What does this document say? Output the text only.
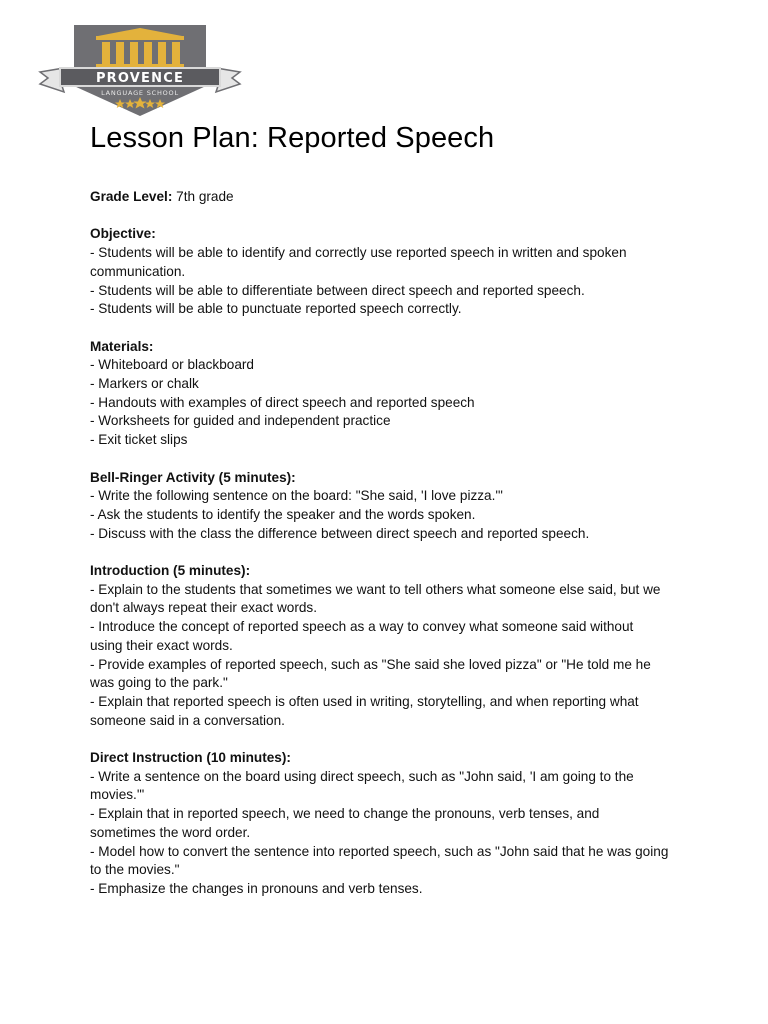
PROVENCE
LANGUAGE SCHOOL
Lesson Plan: Reported Speech
Grade Level: 7th grade
Objective:
- Students will be able to identify and correctly use reported speech in written and spoken
communication.
- Students will be able to differentiate between direct speech and reported speech.
- Students will be able to punctuate reported speech correctly.
Materials:
- Whiteboard or blackboard
- Markers or chalk
- Handouts with examples of direct speech and reported speech
- Worksheets for guided and independent practice
- Exit ticket slips
Bell-Ringer Activity (5 minutes):
- Write the following sentence on the board: "She said, 'I love pizza.'"
- Ask the students to identify the speaker and the words spoken.
- Discuss with the class the difference between direct speech and reported speech.
Introduction (5 minutes):
- Explain to the students that sometimes we want to tell others what someone else said, but we
don't always repeat their exact words.
- Introduce the concept of reported speech as a way to convey what someone said without
using their exact words.
- Provide examples of reported speech, such as "She said she loved pizza" or "He told me he
was going to the park."
- Explain that reported speech is often used in writing, storytelling, and when reporting what
someone said in a conversation.
Direct Instruction (10 minutes):
- Write a sentence on the board using direct speech, such as "John said, 'I am going to the
movies.'"
- Explain that in reported speech, we need to change the pronouns, verb tenses, and
sometimes the word order.
- Model how to convert the sentence into reported speech, such as "John said that he was going
to the movies."
- Emphasize the changes in pronouns and verb tenses.
